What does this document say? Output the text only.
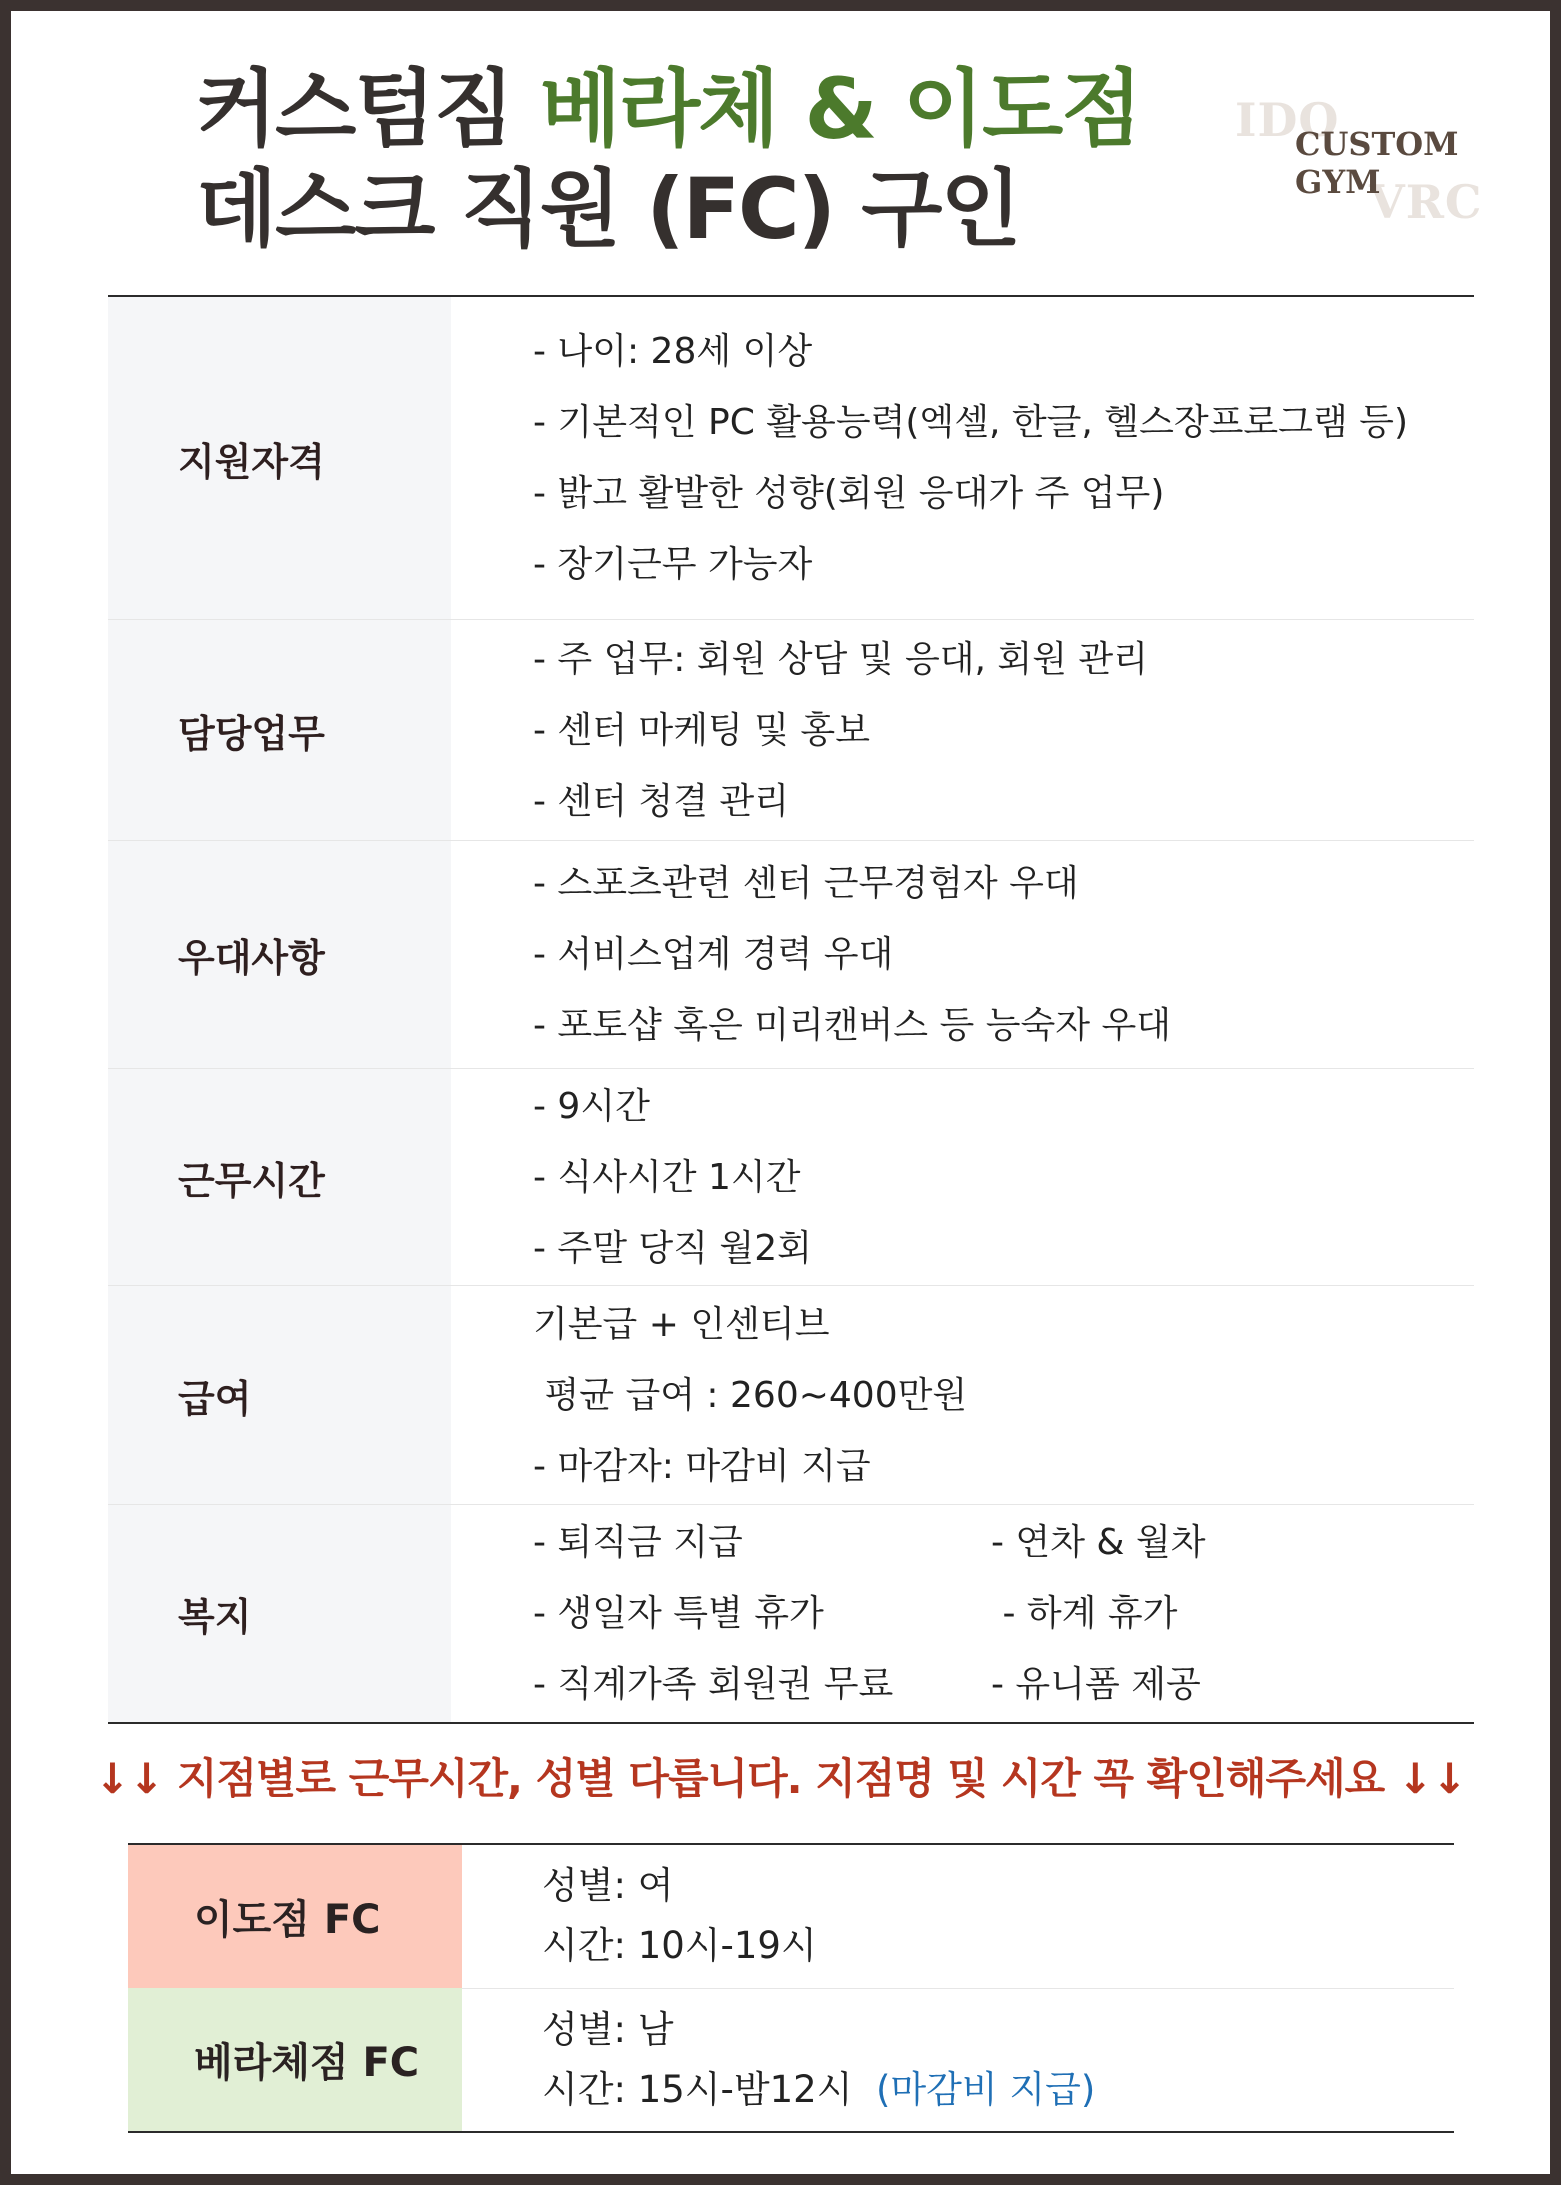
커스텀짐 베라체 & 이도점
데스크 직원 (FC) 구인
IDO
VRC
CUSTOM
GYM
지원자격	- 나이: 28세 이상
- 기본적인 PC 활용능력(엑셀, 한글, 헬스장프로그램 등)
- 밝고 활발한 성향(회원 응대가 주 업무)
- 장기근무 가능자

담당업무	- 주 업무: 회원 상담 및 응대, 회원 관리
- 센터 마케팅 및 홍보
- 센터 청결 관리

우대사항	- 스포츠관련 센터 근무경험자 우대
- 서비스업계 경력 우대
- 포토샵 혹은 미리캔버스 등 능숙자 우대

근무시간	- 9시간
- 식사시간 1시간
- 주말 당직 월2회

급여	기본급 + 인센티브
평균 급여 : 260~400만원
- 마감자: 마감비 지급

복지	- 퇴직금 지급 - 연차 & 월차
- 생일자 특별 휴가 - 하계 휴가
- 직계가족 회원권 무료 - 유니폼 제공
↓↓ 지점별로 근무시간, 성별 다릅니다. 지점명 및 시간 꼭 확인해주세요 ↓↓
이도점 FC	성별: 여
시간: 10시-19시

베라체점 FC	성별: 남
시간: 15시-밤12시 (마감비 지급)
